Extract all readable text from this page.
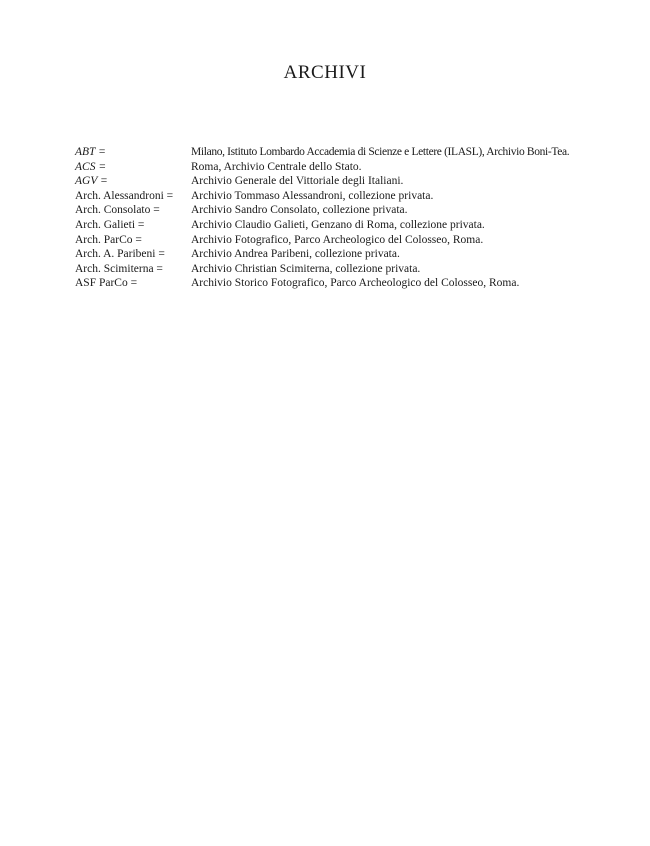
ARCHIVI
ABT =	Milano, Istituto Lombardo Accademia di Scienze e Lettere (ILASL), Archivio Boni-Tea.
ACS =	Roma, Archivio Centrale dello Stato.
AGV =	Archivio Generale del Vittoriale degli Italiani.
Arch. Alessandroni =	Archivio Tommaso Alessandroni, collezione privata.
Arch. Consolato =	Archivio Sandro Consolato, collezione privata.
Arch. Galieti =	Archivio Claudio Galieti, Genzano di Roma, collezione privata.
Arch. ParCo =	Archivio Fotografico, Parco Archeologico del Colosseo, Roma.
Arch. A. Paribeni =	Archivio Andrea Paribeni, collezione privata.
Arch. Scimiterna =	Archivio Christian Scimiterna, collezione privata.
ASF ParCo =	Archivio Storico Fotografico, Parco Archeologico del Colosseo, Roma.
